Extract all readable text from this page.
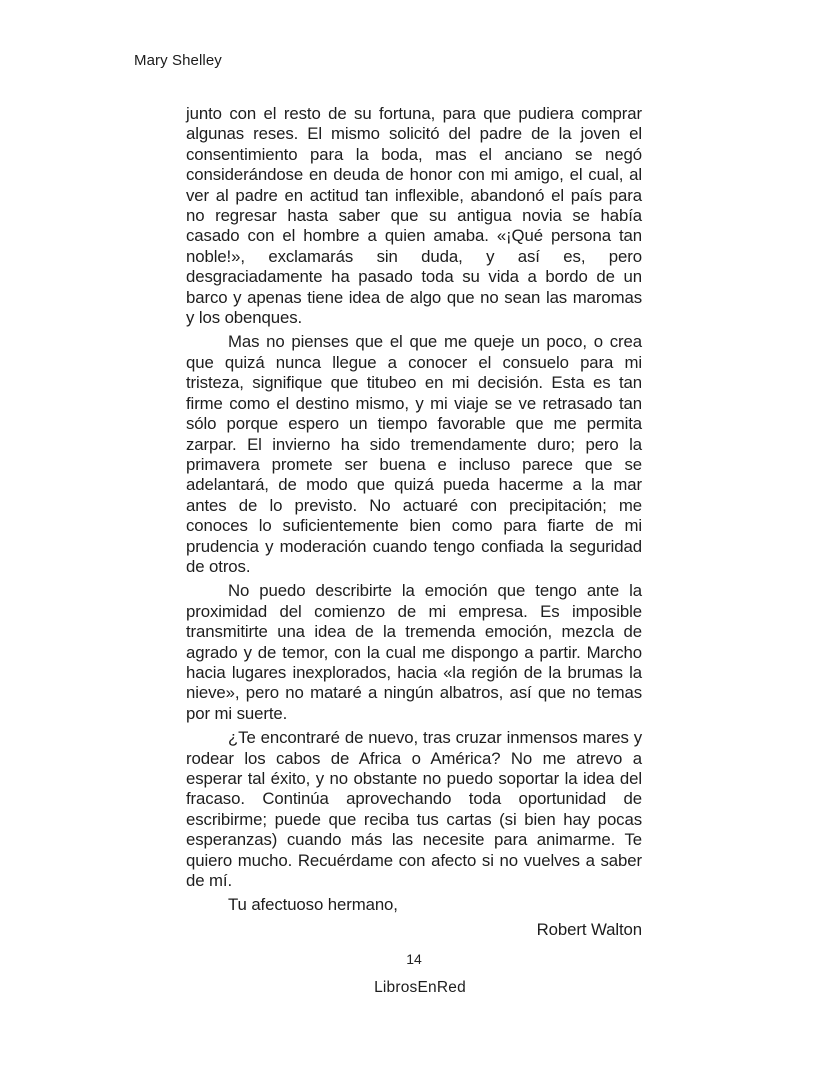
Mary Shelley

junto con el resto de su fortuna, para que pudiera comprar algunas reses. El mismo solicitó del padre de la joven el consentimiento para la boda, mas el anciano se negó considerándose en deuda de honor con mi amigo, el cual, al ver al padre en actitud tan inflexible, abandonó el país para no regresar hasta saber que su antigua novia se había casado con el hombre a quien amaba. «¡Qué persona tan noble!», exclamarás sin duda, y así es, pero desgraciadamente ha pasado toda su vida a bordo de un barco y apenas tiene idea de algo que no sean las maromas y los obenques.

Mas no pienses que el que me queje un poco, o crea que quizá nunca llegue a conocer el consuelo para mi tristeza, signifique que titubeo en mi decisión. Esta es tan firme como el destino mismo, y mi viaje se ve retrasado tan sólo porque espero un tiempo favorable que me permita zarpar. El invierno ha sido tremendamente duro; pero la primavera promete ser buena e incluso parece que se adelantará, de modo que quizá pueda hacerme a la mar antes de lo previsto. No actuaré con precipitación; me conoces lo suficientemente bien como para fiarte de mi prudencia y moderación cuando tengo confiada la seguridad de otros.

No puedo describirte la emoción que tengo ante la proximidad del comienzo de mi empresa. Es imposible transmitirte una idea de la tremenda emoción, mezcla de agrado y de temor, con la cual me dispongo a partir. Marcho hacia lugares inexplorados, hacia «la región de la brumas la nieve», pero no mataré a ningún albatros, así que no temas por mi suerte.

¿Te encontraré de nuevo, tras cruzar inmensos mares y rodear los cabos de Africa o América? No me atrevo a esperar tal éxito, y no obstante no puedo soportar la idea del fracaso. Continúa aprovechando toda oportunidad de escribirme; puede que reciba tus cartas (si bien hay pocas esperanzas) cuando más las necesite para animarme. Te quiero mucho. Recuérdame con afecto si no vuelves a saber de mí.

Tu afectuoso hermano,

Robert Walton

14
LibrosEnRed
